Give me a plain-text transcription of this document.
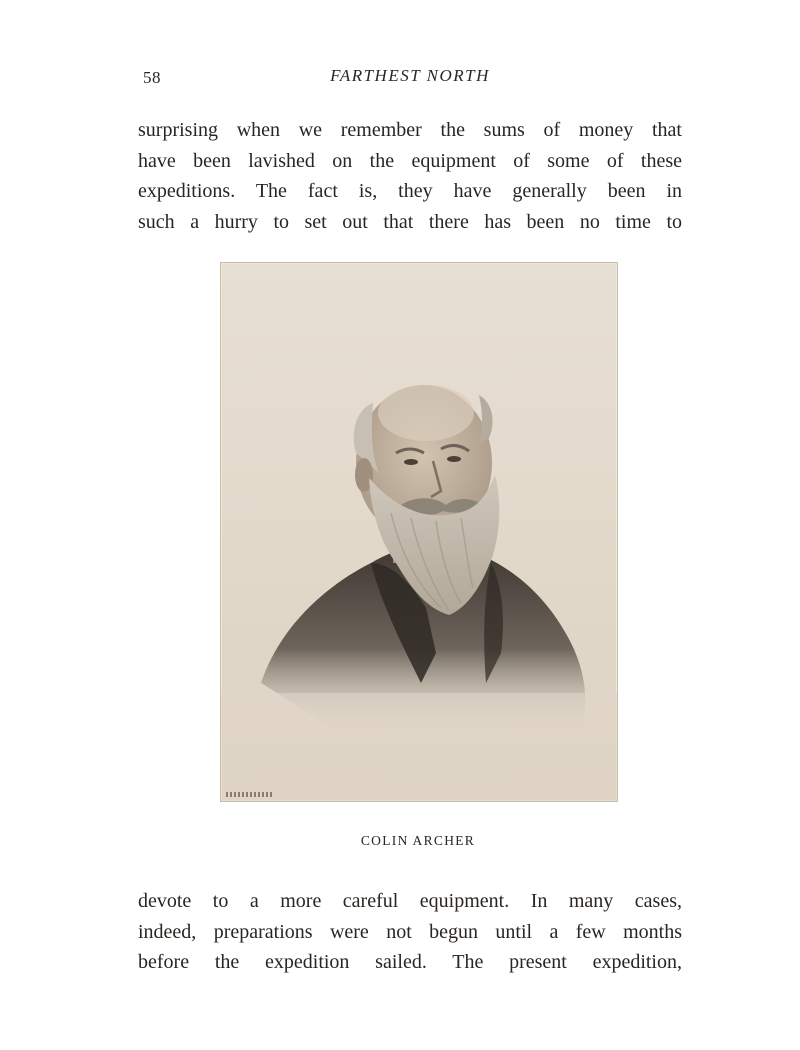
58	FARTHEST NORTH
surprising when we remember the sums of money that
have been lavished on the equipment of some of these
expeditions. The fact is, they have generally been in
such a hurry to set out that there has been no time to
COLIN ARCHER
devote to a more careful equipment. In many cases,
indeed, preparations were not begun until a few months
before the expedition sailed. The present expedition,
